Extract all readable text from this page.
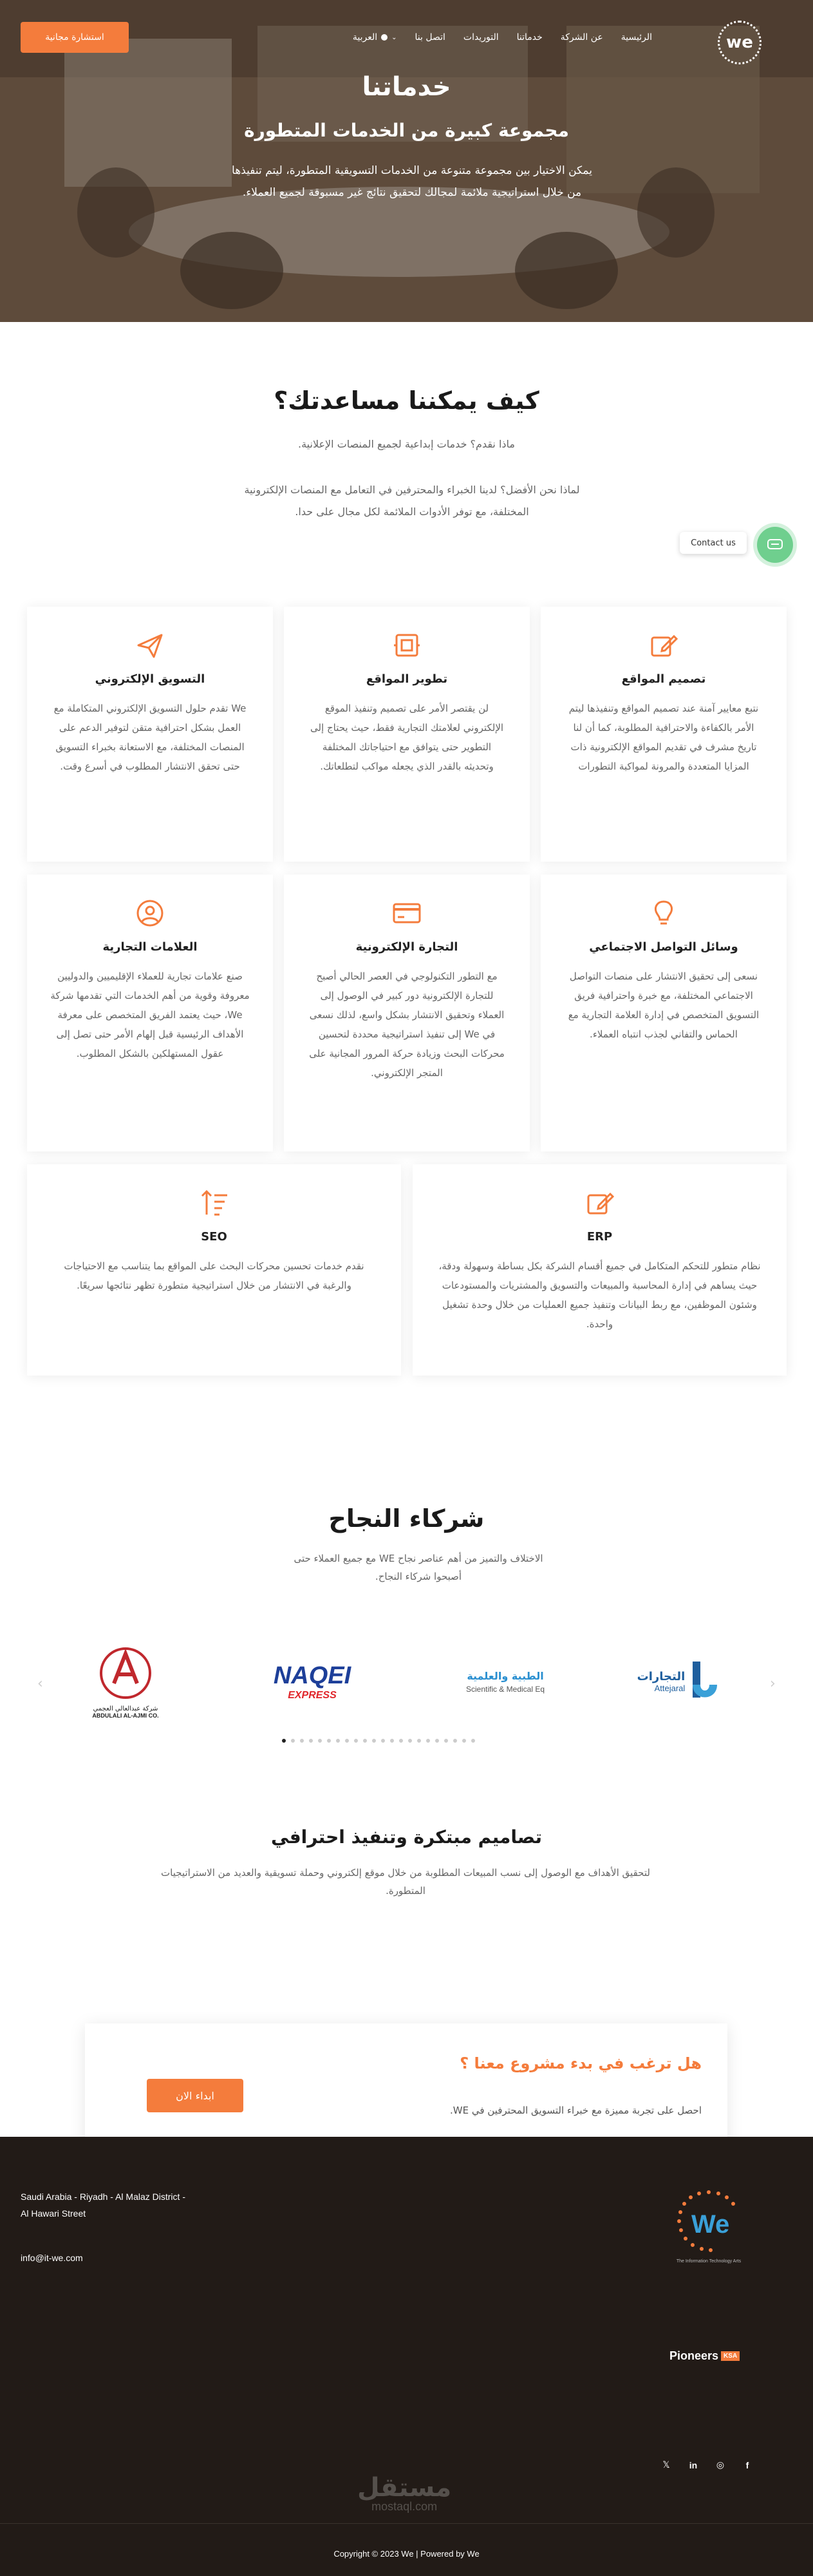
we
الرئيسية
عن الشركة
خدماتنا
التوريدات
اتصل بنا
العربية ⌄
استشارة مجانية
خدماتنا
مجموعة كبيرة من الخدمات المتطورة
يمكن الاختيار بين مجموعة متنوعة من الخدمات التسويقية المتطورة، ليتم تنفيذها من خلال استراتيجية ملائمة لمجالك لتحقيق نتائج غير مسبوقة لجميع العملاء.
كيف يمكننا مساعدتك؟
ماذا نقدم؟ خدمات إبداعية لجميع المنصات الإعلانية.
لماذا نحن الأفضل؟ لدينا الخبراء والمحترفين في التعامل مع المنصات الإلكترونية المختلفة، مع توفر الأدوات الملائمة لكل مجال على حدا.
Contact us
تصميم المواقع

نتبع معايير آمنة عند تصميم المواقع وتنفيذها ليتم الأمر بالكفاءة والاحترافية المطلوبة، كما أن لنا تاريخ مشرف في تقديم المواقع الإلكترونية ذات المزايا المتعددة والمرونة لمواكبة التطورات

تطوير المواقع

لن يقتصر الأمر على تصميم وتنفيذ الموقع الإلكتروني لعلامتك التجارية فقط، حيث يحتاج إلى التطوير حتى يتوافق مع احتياجاتك المختلفة وتحديثه بالقدر الذي يجعله مواكب لتطلعاتك.

التسويق الإلكتروني

We تقدم حلول التسويق الإلكتروني المتكاملة مع العمل بشكل احترافية متقن لتوفير الدعم على المنصات المختلفة، مع الاستعانة بخبراء التسويق حتى تحقق الانتشار المطلوب في أسرع وقت.

وسائل التواصل الاجتماعي

نسعى إلى تحقيق الانتشار على منصات التواصل الاجتماعي المختلفة، مع خبرة واحترافية فريق التسويق المتخصص في إدارة العلامة التجارية مع الحماس والتفاني لجذب انتباه العملاء.

التجارة الإلكترونية

مع التطور التكنولوجي في العصر الحالي أصبح للتجارة الإلكترونية دور كبير في الوصول إلى العملاء وتحقيق الانتشار بشكل واسع، لذلك نسعى في We إلى تنفيذ استراتيجية محددة لتحسين محركات البحث وزيادة حركة المرور المجانية على المتجر الإلكتروني.

العلامات التجارية

صنع علامات تجارية للعملاء الإقليميين والدوليين معروفة وقوية من أهم الخدمات التي تقدمها شركة We، حيث يعتمد الفريق المتخصص على معرفة الأهداف الرئيسية قبل إلهام الأمر حتى تصل إلى عقول المستهلكين بالشكل المطلوب.

ERP

نظام متطور للتحكم المتكامل في جميع أقسام الشركة بكل بساطة وسهولة ودقة، حيث يساهم في إدارة المحاسبة والمبيعات والتسويق والمشتريات والمستودعات وشئون الموظفين، مع ربط البيانات وتنفيذ جميع العمليات من خلال وحدة تشغيل واحدة.

SEO

نقدم خدمات تحسين محركات البحث على المواقع بما يتناسب مع الاحتياجات والرغبة في الانتشار من خلال استراتيجية متطورة تظهر نتائجها سريعًا.

شركاء النجاح
الاختلاف والتميز من أهم عناصر نجاح WE مع جميع العملاء حتى أصبحوا شركاء النجاح.
›
‹	التجارات
Attejaral
الطبية والعلمية
Scientific & Medical Eq
NAQEI
EXPRESS
شركة عبدالعالي العجمي
ABDULALI AL-AJMI CO.
تصاميم مبتكرة وتنفيذ احترافي
لتحقيق الأهداف مع الوصول إلى نسب المبيعات المطلوبة من خلال موقع إلكتروني وحملة تسويقية والعديد من الاستراتيجيات المتطورة.
هل ترغب في بدء مشروع معنا ؟

احصل على تجربة مميزة مع خبراء التسويق المحترفين في WE.

ابداء الان
Saudi Arabia - Riyadh - Al Malaz District - Al Hawari Street
info@it-we.com
We
The Information Technology Arts
Pioneers KSA
𝕏	in ◎	f
مستقل
mostaql.com
Copyright © 2023 We | Powered by We
